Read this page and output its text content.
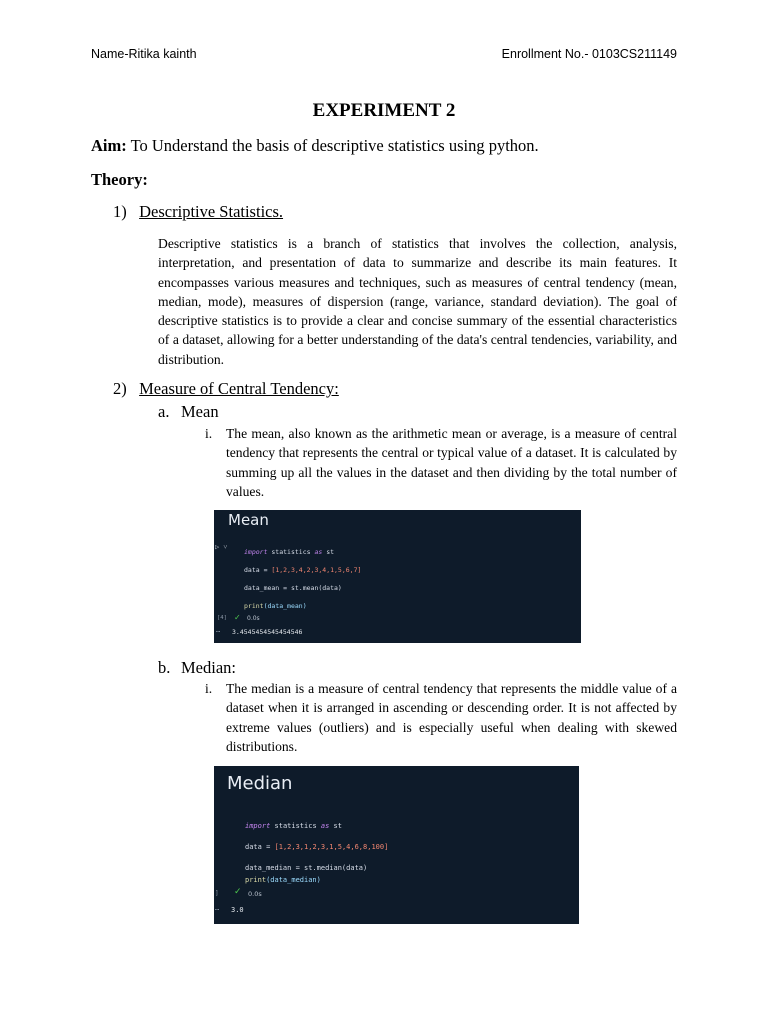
Name-Ritika kainth	Enrollment No.- 0103CS211149
EXPERIMENT 2
Aim: To Understand the basis of descriptive statistics using python.
Theory:
1) Descriptive Statistics.
Descriptive statistics is a branch of statistics that involves the collection, analysis, interpretation, and presentation of data to summarize and describe its main features. It encompasses various measures and techniques, such as measures of central tendency (mean, median, mode), measures of dispersion (range, variance, standard deviation). The goal of descriptive statistics is to provide a clear and concise summary of the essential characteristics of a dataset, allowing for a better understanding of the data's central tendencies, variability, and distribution.
2) Measure of Central Tendency:
a. Mean
i. The mean, also known as the arithmetic mean or average, is a measure of central tendency that represents the central or typical value of a dataset. It is calculated by summing up all the values in the dataset and then dividing by the total number of values.
Mean
▷ ˅
import statistics as st
data = [1,2,3,4,2,3,4,1,5,6,7]
data_mean = st.mean(data)
print(data_mean)
[4] ✓ 0.0s
… 3.4545454545454546
b. Median:
i. The median is a measure of central tendency that represents the middle value of a dataset when it is arranged in ascending or descending order. It is not affected by extreme values (outliers) and is especially useful when dealing with skewed distributions.
Median
import statistics as st
data = [1,2,3,1,2,3,1,5,4,6,8,100]
data_median = st.median(data)
print(data_median)
] ✓ 0.0s
… 3.0
